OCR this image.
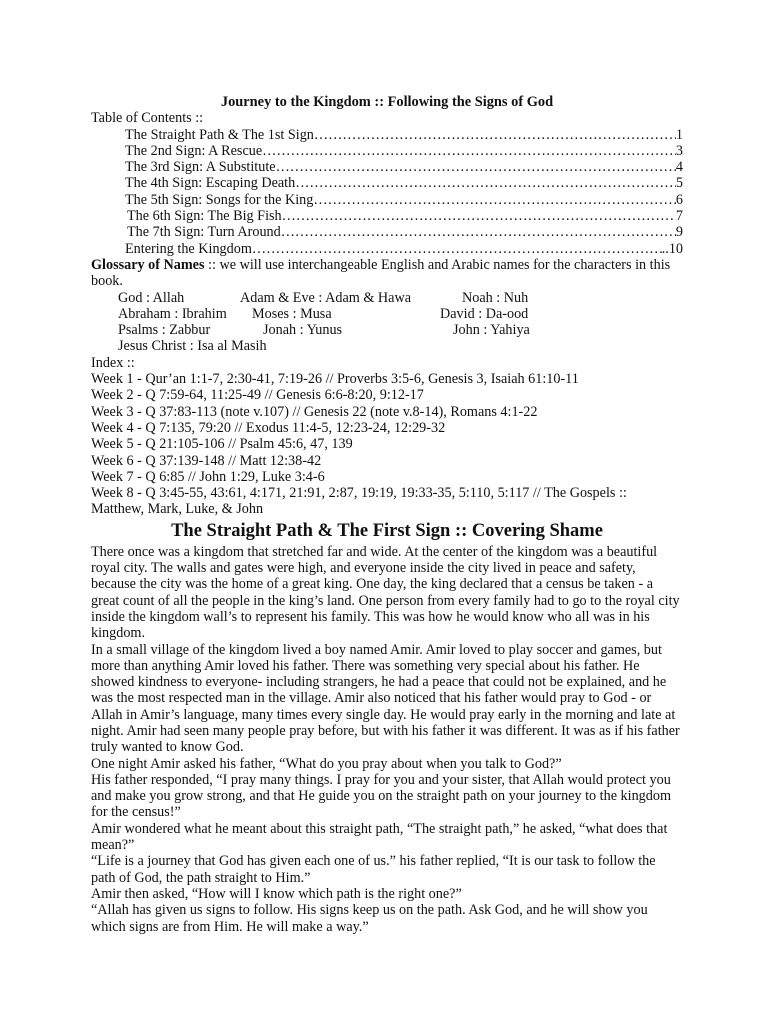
Journey to the Kingdom :: Following the Signs of God
Table of Contents ::
The Straight Path & The 1st Sign ……………………………………………………………………………………………………………………………………………………	1
The 2nd Sign: A Rescue ……………………………………………………………………………………………………………………………………………………	3
The 3rd Sign: A Substitute ……………………………………………………………………………………………………………………………………………………	4
The 4th Sign: Escaping Death ……………………………………………………………………………………………………………………………………………………	5
The 5th Sign: Songs for the King ……………………………………………………………………………………………………………………………………………………	6
The 6th Sign: The Big Fish ……………………………………………………………………………………………………………………………………………………	7
The 7th Sign: Turn Around ……………………………………………………………………………………………………………………………………………………	9
Entering the Kingdom ……………………………………………………………………………………………………………………………………………………	..10

Glossary of Names :: we will use interchangeable English and Arabic names for the characters in this book.

God : Allah	Adam & Eve : Adam & Hawa	Noah : Nuh
Abraham : Ibrahim	Moses : Musa	David : Da-ood
Psalms : Zabbur	Jonah : Yunus	John : Yahiya
Jesus Christ : Isa al Masih
Index ::
Week 1 - Qur’an 1:1-7, 2:30-41, 7:19-26 // Proverbs 3:5-6, Genesis 3, Isaiah 61:10-11
Week 2 - Q 7:59-64, 11:25-49 // Genesis 6:6-8:20, 9:12-17
Week 3 - Q 37:83-113 (note v.107) // Genesis 22 (note v.8-14), Romans 4:1-22
Week 4 - Q 7:135, 79:20 // Exodus 11:4-5, 12:23-24, 12:29-32
Week 5 - Q 21:105-106 // Psalm 45:6, 47, 139
Week 6 - Q 37:139-148 // Matt 12:38-42
Week 7 - Q 6:85 // John 1:29, Luke 3:4-6
Week 8 - Q 3:45-55, 43:61, 4:171, 21:91, 2:87, 19:19, 19:33-35, 5:110, 5:117 // The Gospels :: Matthew, Mark, Luke, & John
The Straight Path & The First Sign :: Covering Shame

There once was a kingdom that stretched far and wide. At the center of the kingdom was a beautiful royal city. The walls and gates were high, and everyone inside the city lived in peace and safety, because the city was the home of a great king. One day, the king declared that a census be taken - a great count of all the people in the king’s land. One person from every family had to go to the royal city inside the kingdom wall’s to represent his family. This was how he would know who all was in his kingdom.

In a small village of the kingdom lived a boy named Amir. Amir loved to play soccer and games, but more than anything Amir loved his father. There was something very special about his father. He showed kindness to everyone- including strangers, he had a peace that could not be explained, and he was the most respected man in the village. Amir also noticed that his father would pray to God - or Allah in Amir’s language, many times every single day. He would pray early in the morning and late at night. Amir had seen many people pray before, but with his father it was different. It was as if his father truly wanted to know God.

One night Amir asked his father, “What do you pray about when you talk to God?”

His father responded, “I pray many things. I pray for you and your sister, that Allah would protect you and make you grow strong, and that He guide you on the straight path on your journey to the kingdom for the census!”

Amir wondered what he meant about this straight path, “The straight path,” he asked, “what does that mean?”

“Life is a journey that God has given each one of us.” his father replied, “It is our task to follow the path of God, the path straight to Him.”

Amir then asked, “How will I know which path is the right one?”

“Allah has given us signs to follow. His signs keep us on the path. Ask God, and he will show you which signs are from Him. He will make a way.”
